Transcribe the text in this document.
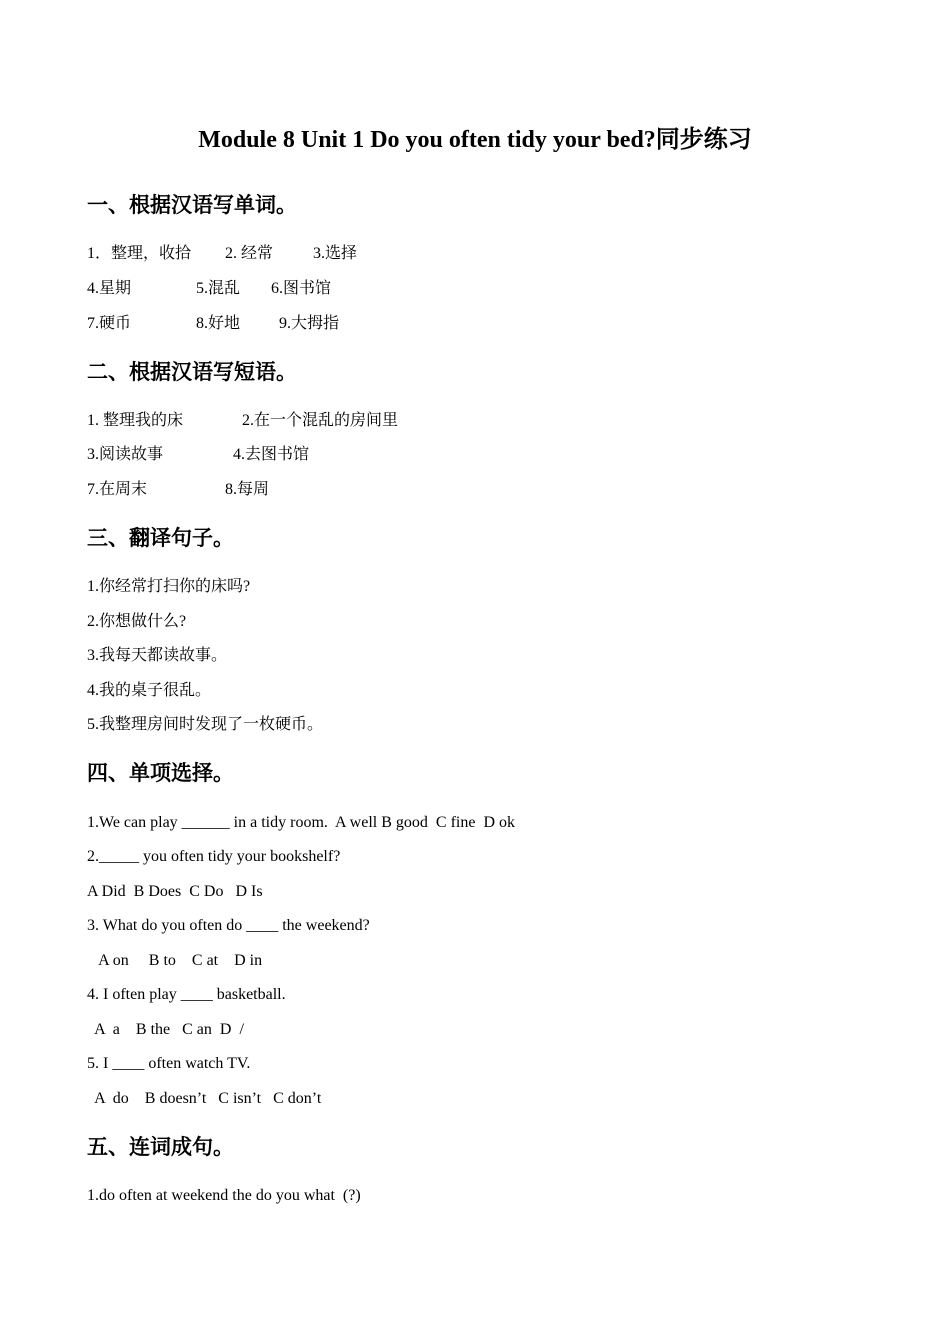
Module 8 Unit 1 Do you often tidy your bed?同步练习
一、根据汉语写单词。
1．整理，收拾 2. 经常 3.选择
4.星期	5.混乱 6.图书馆
7.硬币	8.好地 9.大拇指
二、根据汉语写短语。
1. 整理我的床	2.在一个混乱的房间里
3.阅读故事	4.去图书馆
7.在周末	8.每周
三、翻译句子。
1.你经常打扫你的床吗?
2.你想做什么?
3.我每天都读故事。
4.我的桌子很乱。
5.我整理房间时发现了一枚硬币。
四、单项选择。
1.We can play ______ in a tidy room.  A well B good  C fine  D ok
2._____ you often tidy your bookshelf?
A Did  B Does  C Do   D Is
3. What do you often do ____ the weekend?
A on     B to    C at    D in
4. I often play ____ basketball.
A  a    B the   C an  D  /
5. I ____ often watch TV.
A  do    B doesn’t   C isn’t   C don’t
五、连词成句。
1.do often at weekend the do you what  (?)
